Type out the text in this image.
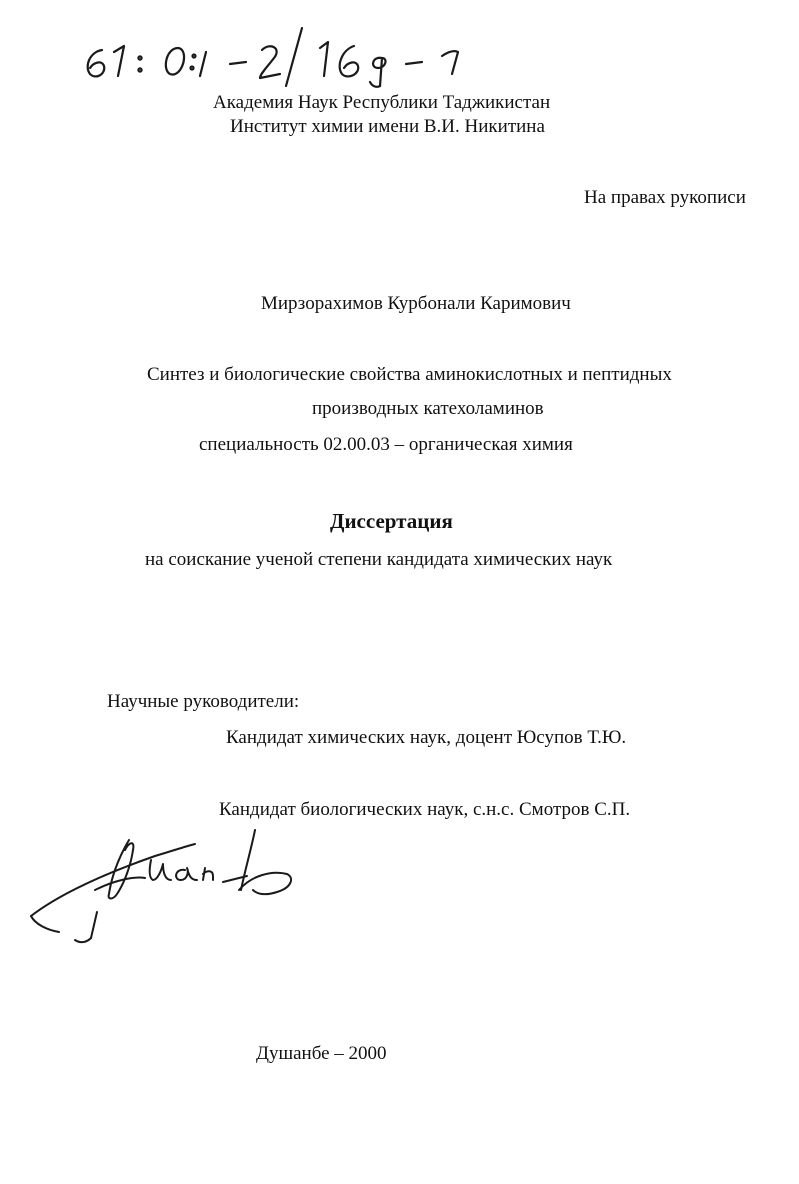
Академия Наук Республики Таджикистан
Институт химии имени В.И. Никитина
На правах рукописи
Мирзорахимов Курбонали Каримович
Синтез и биологические свойства аминокислотных и пептидных
производных катехоламинов
специальность 02.00.03 – органическая химия
Диссертация
на соискание ученой степени кандидата химических наук
Научные руководители:
Кандидат химических наук, доцент Юсупов Т.Ю.
Кандидат биологических наук, с.н.с. Смотров С.П.
Душанбе – 2000
